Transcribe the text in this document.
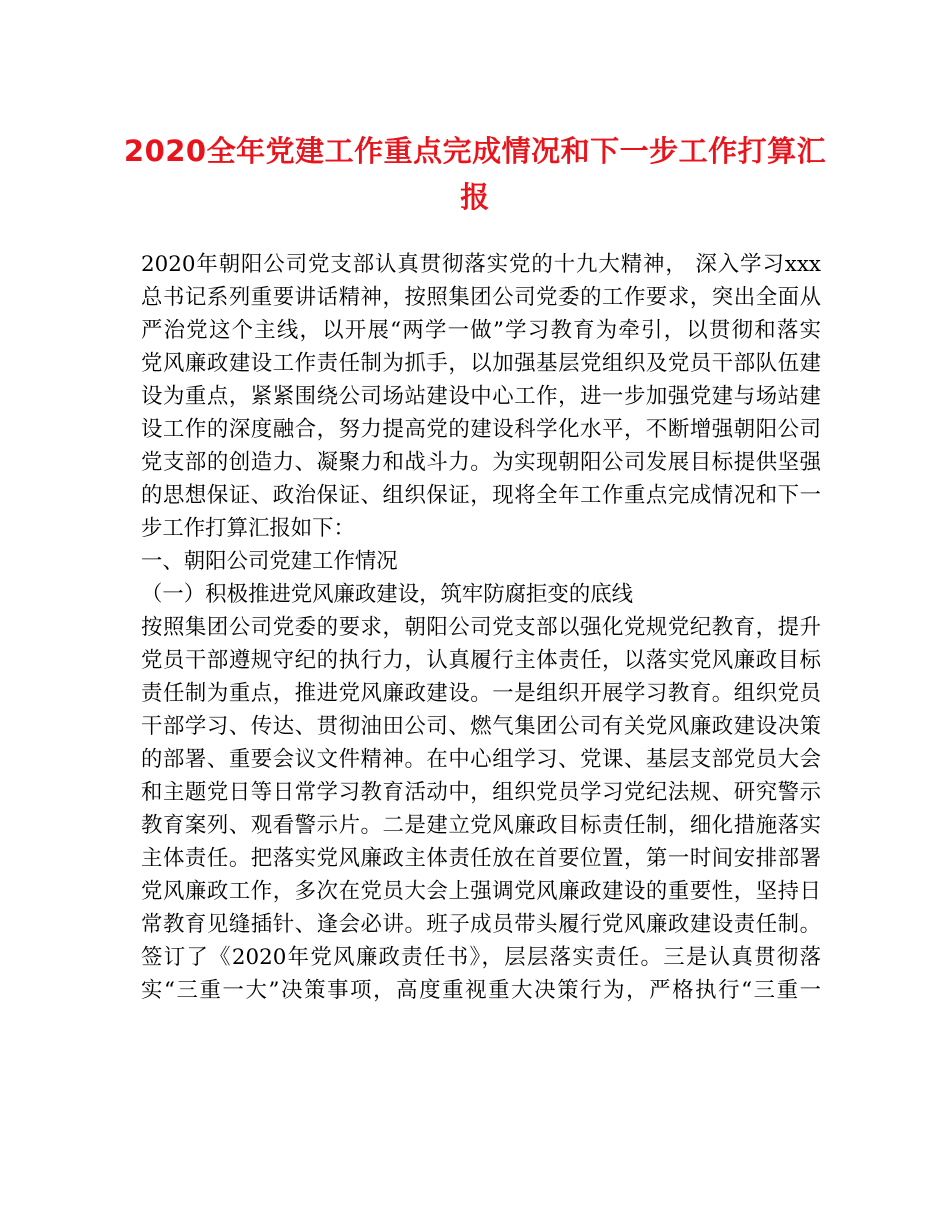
2020全年党建工作重点完成情况和下一步工作打算汇
报
2020年朝阳公司党支部认真贯彻落实党的十九大精神， 深入学习xxx
总书记系列重要讲话精神，按照集团公司党委的工作要求，突出全面从
严治党这个主线，以开展“两学一做”学习教育为牵引，以贯彻和落实
党风廉政建设工作责任制为抓手，以加强基层党组织及党员干部队伍建
设为重点，紧紧围绕公司场站建设中心工作，进一步加强党建与场站建
设工作的深度融合，努力提高党的建设科学化水平，不断增强朝阳公司
党支部的创造力、凝聚力和战斗力。为实现朝阳公司发展目标提供坚强
的思想保证、政治保证、组织保证，现将全年工作重点完成情况和下一
步工作打算汇报如下：
一、朝阳公司党建工作情况
（一）积极推进党风廉政建设，筑牢防腐拒变的底线
按照集团公司党委的要求，朝阳公司党支部以强化党规党纪教育，提升
党员干部遵规守纪的执行力，认真履行主体责任，以落实党风廉政目标
责任制为重点，推进党风廉政建设。一是组织开展学习教育。组织党员
干部学习、传达、贯彻油田公司、燃气集团公司有关党风廉政建设决策
的部署、重要会议文件精神。在中心组学习、党课、基层支部党员大会
和主题党日等日常学习教育活动中，组织党员学习党纪法规、研究警示
教育案列、观看警示片。二是建立党风廉政目标责任制，细化措施落实
主体责任。把落实党风廉政主体责任放在首要位置，第一时间安排部署
党风廉政工作，多次在党员大会上强调党风廉政建设的重要性，坚持日
常教育见缝插针、逢会必讲。班子成员带头履行党风廉政建设责任制。
签订了《2020年党风廉政责任书》，层层落实责任。三是认真贯彻落
实“三重一大”决策事项，高度重视重大决策行为，严格执行“三重一
